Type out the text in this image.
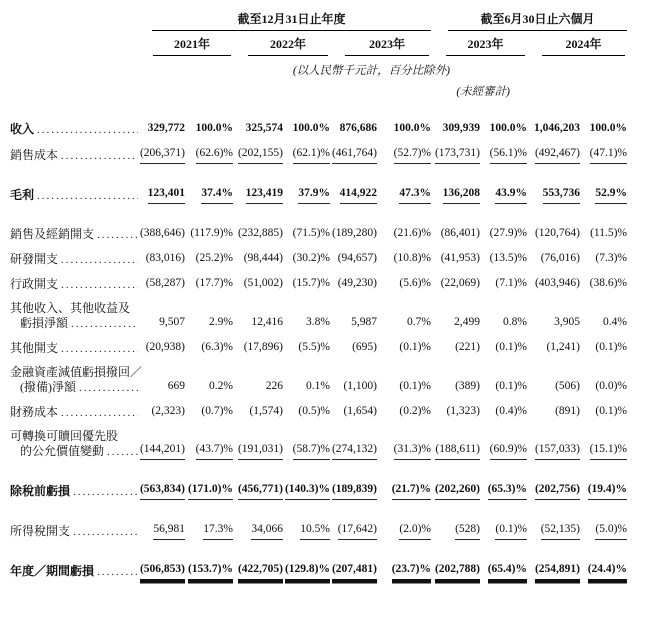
截至12月31日止年度	截至6月30日止六個月
2021年	2022年	2023年	2023年	2024年
(以人民幣千元計，百分比除外)
(未經審計)
收入 .....	329,772 100.0%	325,574 100.0% 876,686	100.0%	309,939 100.0% 1,046,203 100.0%
銷售成本 .....	(206,371) (62.6)% (202,155) (62.1)% (461,764)	(52.7)% (173,731) (56.1)% (492,467) (47.1)%
毛利 .....	123,401	37.4%	123,419	37.9% 414,922	47.3%	136,208	43.9%	553,736	52.9%
銷售及經銷開支 .....	(388,646) (117.9)% (232,885) (71.5)% (189,280)	(21.6)% (86,401) (27.9)% (120,764) (11.5)%
研發開支 .....	(83,016) (25.2)% (98,444) (30.2)% (94,657)	(10.8)% (41,953) (13.5)%	(76,016)	(7.3)%
行政開支 .....	(58,287) (17.7)% (51,002) (15.7)% (49,230)	(5.6)% (22,069)	(7.1)% (403,946) (38.6)%
其他收入、其他收益及
虧損淨額 .....	9,507	2.9%	12,416	3.8%	5,987	0.7%	2,499	0.8%	3,905	0.4%
其他開支 .....	(20,938)	(6.3)% (17,896)	(5.5)%	(695)	(0.1)%	(221)	(0.1)%	(1,241)	(0.1)%
金融資產減值虧損撥回／
(撥備)淨額 .....	669	0.2%	226	0.1%	(1,100)	(0.1)%	(389)	(0.1)%	(506)	(0.0)%
財務成本 .....	(2,323)	(0.7)%	(1,574)	(0.5)%	(1,654)	(0.2)%	(1,323)	(0.4)%	(891)	(0.1)%
可轉換可贖回優先股
的公允價值變動 .....	(144,201) (43.7)% (191,031) (58.7)% (274,132)	(31.3)% (188,611) (60.9)% (157,033) (15.1)%
除稅前虧損 .....	(563,834) (171.0)% (456,771) (140.3)% (189,839)	(21.7)% (202,260) (65.3)% (202,756) (19.4)%
所得稅開支 .....	56,981	17.3%	34,066	10.5% (17,642)	(2.0)%	(528)	(0.1)%	(52,135)	(5.0)%
年度／期間虧損 .....	(506,853) (153.7)% (422,705) (129.8)% (207,481)	(23.7)% (202,788) (65.4)% (254,891) (24.4)%
